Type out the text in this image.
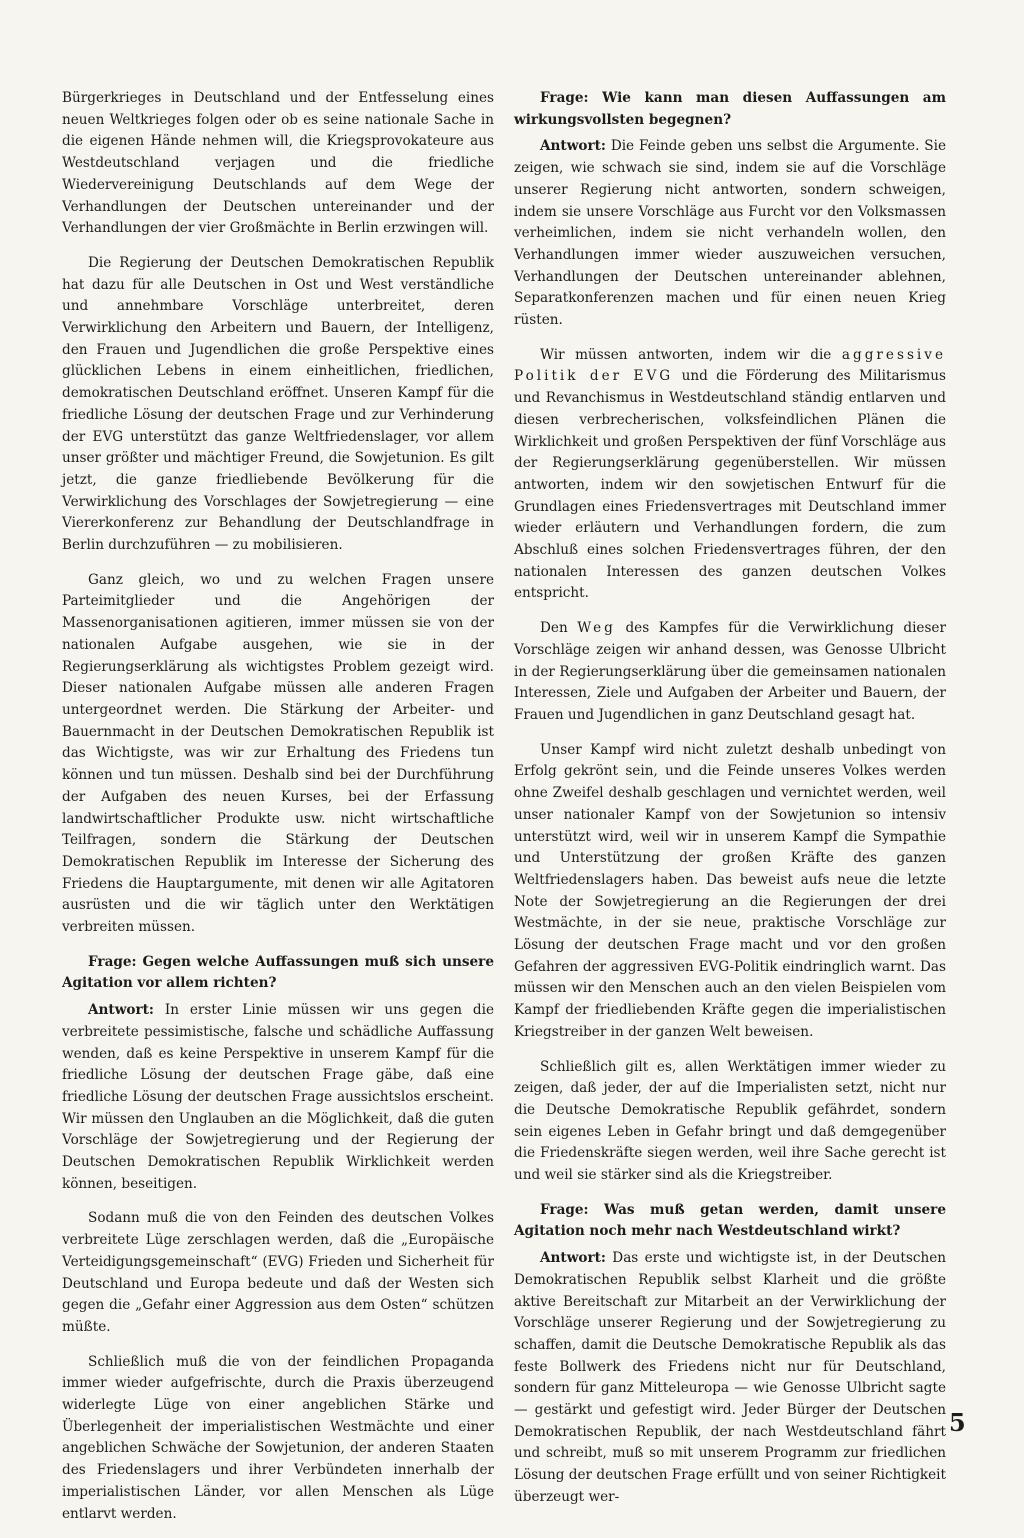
Bürgerkrieges in Deutschland und der Entfesselung eines neuen Weltkrieges folgen oder ob es seine nationale Sache in die eigenen Hände nehmen will, die Kriegsprovokateure aus Westdeutschland verjagen und die friedliche Wiedervereinigung Deutschlands auf dem Wege der Verhandlungen der Deutschen untereinander und der Verhandlungen der vier Großmächte in Berlin erzwingen will.

Die Regierung der Deutschen Demokratischen Republik hat dazu für alle Deutschen in Ost und West verständliche und annehmbare Vorschläge unterbreitet, deren Verwirklichung den Arbeitern und Bauern, der Intelligenz, den Frauen und Jugendlichen die große Perspektive eines glücklichen Lebens in einem einheitlichen, friedlichen, demokratischen Deutschland eröffnet. Unseren Kampf für die friedliche Lösung der deutschen Frage und zur Verhinderung der EVG unterstützt das ganze Weltfriedenslager, vor allem unser größter und mächtiger Freund, die Sowjetunion. Es gilt jetzt, die ganze friedliebende Bevölkerung für die Verwirklichung des Vorschlages der Sowjetregierung — eine Viererkonferenz zur Behandlung der Deutschlandfrage in Berlin durchzuführen — zu mobilisieren.

Ganz gleich, wo und zu welchen Fragen unsere Parteimitglieder und die Angehörigen der Massenorganisationen agitieren, immer müssen sie von der nationalen Aufgabe ausgehen, wie sie in der Regierungserklärung als wichtigstes Problem gezeigt wird. Dieser nationalen Aufgabe müssen alle anderen Fragen untergeordnet werden. Die Stärkung der Arbeiter- und Bauernmacht in der Deutschen Demokratischen Republik ist das Wichtigste, was wir zur Erhaltung des Friedens tun können und tun müssen. Deshalb sind bei der Durchführung der Aufgaben des neuen Kurses, bei der Erfassung landwirtschaftlicher Produkte usw. nicht wirtschaftliche Teilfragen, sondern die Stärkung der Deutschen Demokratischen Republik im Interesse der Sicherung des Friedens die Hauptargumente, mit denen wir alle Agitatoren ausrüsten und die wir täglich unter den Werktätigen verbreiten müssen.

Frage: Gegen welche Auffassungen muß sich unsere Agitation vor allem richten?

Antwort: In erster Linie müssen wir uns gegen die verbreitete pessimistische, falsche und schädliche Auffassung wenden, daß es keine Perspektive in unserem Kampf für die friedliche Lösung der deutschen Frage gäbe, daß eine friedliche Lösung der deutschen Frage aussichtslos erscheint. Wir müssen den Unglauben an die Möglichkeit, daß die guten Vorschläge der Sowjetregierung und der Regierung der Deutschen Demokratischen Republik Wirklichkeit werden können, beseitigen.

Sodann muß die von den Feinden des deutschen Volkes verbreitete Lüge zerschlagen werden, daß die „Europäische Verteidigungsgemeinschaft“ (EVG) Frieden und Sicherheit für Deutschland und Europa bedeute und daß der Westen sich gegen die „Gefahr einer Aggression aus dem Osten“ schützen müßte.

Schließlich muß die von der feindlichen Propaganda immer wieder aufgefrischte, durch die Praxis überzeugend widerlegte Lüge von einer angeblichen Stärke und Überlegenheit der imperialistischen Westmächte und einer angeblichen Schwäche der Sowjetunion, der anderen Staaten des Friedenslagers und ihrer Verbündeten innerhalb der imperialistischen Länder, vor allen Menschen als Lüge entlarvt werden.

Frage: Wie kann man diesen Auffassungen am wirkungsvollsten begegnen?

Antwort: Die Feinde geben uns selbst die Argumente. Sie zeigen, wie schwach sie sind, indem sie auf die Vorschläge unserer Regierung nicht antworten, sondern schweigen, indem sie unsere Vorschläge aus Furcht vor den Volksmassen verheimlichen, indem sie nicht verhandeln wollen, den Verhandlungen immer wieder auszuweichen versuchen, Verhandlungen der Deutschen untereinander ablehnen, Separatkonferenzen machen und für einen neuen Krieg rüsten.

Wir müssen antworten, indem wir die aggressive Politik der EVG und die Förderung des Militarismus und Revanchismus in Westdeutschland ständig entlarven und diesen verbrecherischen, volksfeindlichen Plänen die Wirklichkeit und großen Perspektiven der fünf Vorschläge aus der Regierungserklärung gegenüberstellen. Wir müssen antworten, indem wir den sowjetischen Entwurf für die Grundlagen eines Friedensvertrages mit Deutschland immer wieder erläutern und Verhandlungen fordern, die zum Abschluß eines solchen Friedensvertrages führen, der den nationalen Interessen des ganzen deutschen Volkes entspricht.

Den Weg des Kampfes für die Verwirklichung dieser Vorschläge zeigen wir anhand dessen, was Genosse Ulbricht in der Regierungserklärung über die gemeinsamen nationalen Interessen, Ziele und Aufgaben der Arbeiter und Bauern, der Frauen und Jugendlichen in ganz Deutschland gesagt hat.

Unser Kampf wird nicht zuletzt deshalb unbedingt von Erfolg gekrönt sein, und die Feinde unseres Volkes werden ohne Zweifel deshalb geschlagen und vernichtet werden, weil unser nationaler Kampf von der Sowjetunion so intensiv unterstützt wird, weil wir in unserem Kampf die Sympathie und Unterstützung der großen Kräfte des ganzen Weltfriedenslagers haben. Das beweist aufs neue die letzte Note der Sowjetregierung an die Regierungen der drei Westmächte, in der sie neue, praktische Vorschläge zur Lösung der deutschen Frage macht und vor den großen Gefahren der aggressiven EVG-Politik eindringlich warnt. Das müssen wir den Menschen auch an den vielen Beispielen vom Kampf der friedliebenden Kräfte gegen die imperialistischen Kriegstreiber in der ganzen Welt beweisen.

Schließlich gilt es, allen Werktätigen immer wieder zu zeigen, daß jeder, der auf die Imperialisten setzt, nicht nur die Deutsche Demokratische Republik gefährdet, sondern sein eigenes Leben in Gefahr bringt und daß demgegenüber die Friedenskräfte siegen werden, weil ihre Sache gerecht ist und weil sie stärker sind als die Kriegstreiber.

Frage: Was muß getan werden, damit unsere Agitation noch mehr nach Westdeutschland wirkt?

Antwort: Das erste und wichtigste ist, in der Deutschen Demokratischen Republik selbst Klarheit und die größte aktive Bereitschaft zur Mitarbeit an der Verwirklichung der Vorschläge unserer Regierung und der Sowjetregierung zu schaffen, damit die Deutsche Demokratische Republik als das feste Bollwerk des Friedens nicht nur für Deutschland, sondern für ganz Mitteleuropa — wie Genosse Ulbricht sagte — gestärkt und gefestigt wird. Jeder Bürger der Deutschen Demokratischen Republik, der nach Westdeutschland fährt und schreibt, muß so mit unserem Programm zur friedlichen Lösung der deutschen Frage erfüllt und von seiner Richtigkeit überzeugt wer-

5
